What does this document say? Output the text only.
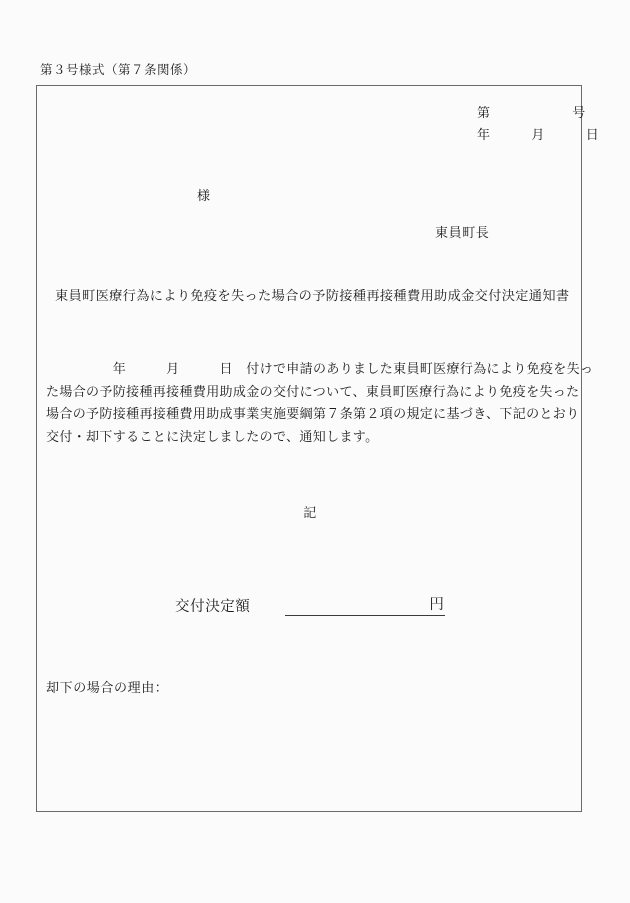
第３号様式（第７条関係）
第　　　　　　号
年　　　月　　　日
様
東員町長
東員町医療行為により免疫を失った場合の予防接種再接種費用助成金交付決定通知書
　　　　　年　　　月　　　日　付けで申請のありました東員町医療行為により免疫を失っ
た場合の予防接種再接種費用助成金の交付について、東員町医療行為により免疫を失った
場合の予防接種再接種費用助成事業実施要綱第７条第２項の規定に基づき、下記のとおり
交付・却下することに決定しましたので、通知します。
記
交付決定額	円
却下の場合の理由：
